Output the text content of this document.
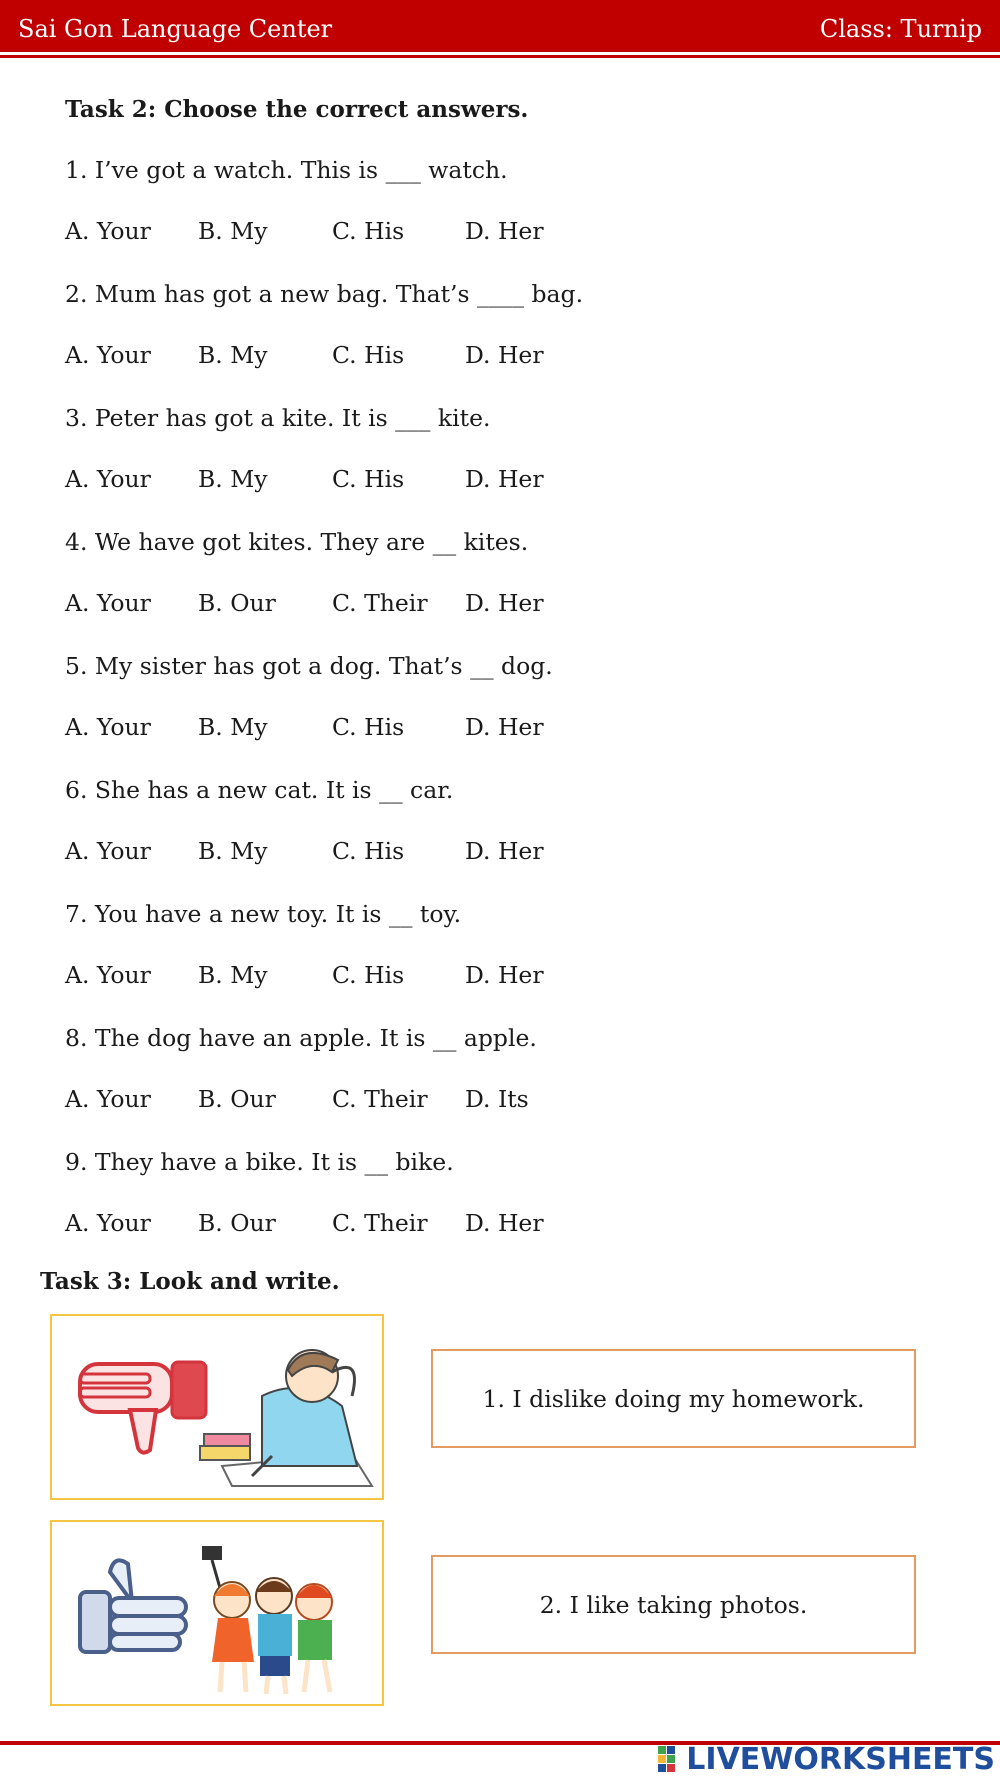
Sai Gon Language Center	Class: Turnip
Task 2: Choose the correct answers.
1. I’ve got a watch. This is ___ watch.
A. Your B. My	C. His	D. Her
2. Mum has got a new bag. That’s ____ bag.
A. Your B. My	C. His	D. Her
3. Peter has got a kite. It is ___ kite.
A. Your B. My	C. His	D. Her
4. We have got kites. They are __ kites.
A. Your B. Our C. Their D. Her
5. My sister has got a dog. That’s __ dog.
A. Your B. My	C. His	D. Her
6. She has a new cat. It is __ car.
A. Your B. My	C. His	D. Her
7. You have a new toy. It is __ toy.
A. Your B. My	C. His	D. Her
8. The dog have an apple. It is __ apple.
A. Your B. Our C. Their D. Its
9. They have a bike. It is __ bike.
A. Your B. Our C. Their D. Her
Task 3: Look and write.
1. I dislike doing my homework.
2. I like taking photos.
LIVEWORKSHEETS
